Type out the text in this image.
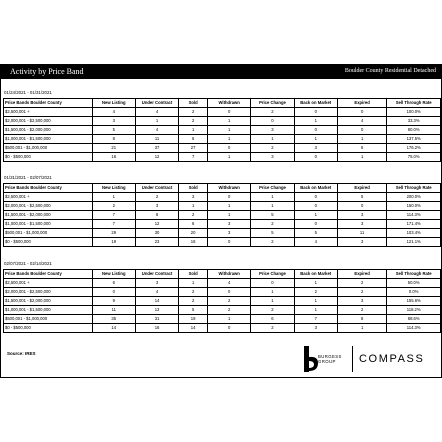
Activity by Price Band	Boulder County Residential Detached
01/24/2021 - 01/31/2021
Price Bands Boulder County	New Listing	Under Contract	Sold	Withdrawn	Price Change	Back on Market	Expired	Sell Through Rate
$2,500,001 +	4	4	2	0	2	0	0	100.0%
$2,000,001 - $2,500,000	3	1	2	1	0	1	4	33.3%
$1,500,001 - $2,000,000	5	4	1	1	3	0	0	80.0%
$1,000,001 - $1,500,000	8	11	6	1	1	1	1	137.5%
$500,001 - $1,000,000	21	37	27	0	2	3	6	176.2%
$0 - $500,000	16	12	7	1	3	0	1	75.0%
01/31/2021 - 02/07/2021
Price Bands Boulder County	New Listing	Under Contract	Sold	Withdrawn	Price Change	Back on Market	Expired	Sell Through Rate
$2,500,001 +	1	2	3	0	1	0	5	200.0%
$2,000,001 - $2,500,000	2	3	1	1	1	0	0	150.0%
$1,500,001 - $2,000,000	7	8	2	1	5	1	3	114.3%
$1,000,001 - $1,500,000	7	12	6	3	2	0	3	171.4%
$500,001 - $1,000,000	29	30	20	3	5	5	11	103.4%
$0 - $500,000	19	23	16	0	2	4	3	121.1%
02/07/2021 - 02/14/2021
Price Bands Boulder County	New Listing	Under Contract	Sold	Withdrawn	Price Change	Back on Market	Expired	Sell Through Rate
$2,500,001 +	6	3	1	4	0	1	2	50.0%
$2,000,001 - $2,500,000	0	4	2	0	1	2	2	0.0%
$1,500,001 - $2,000,000	9	14	2	2	1	1	3	155.6%
$1,000,001 - $1,500,000	11	13	5	2	2	1	2	118.2%
$500,001 - $1,000,000	35	31	19	1	6	7	8	88.6%
$0 - $500,000	14	16	14	0	2	3	1	114.3%
Source: IRES
BURGESS
GROUP	COMPASS
